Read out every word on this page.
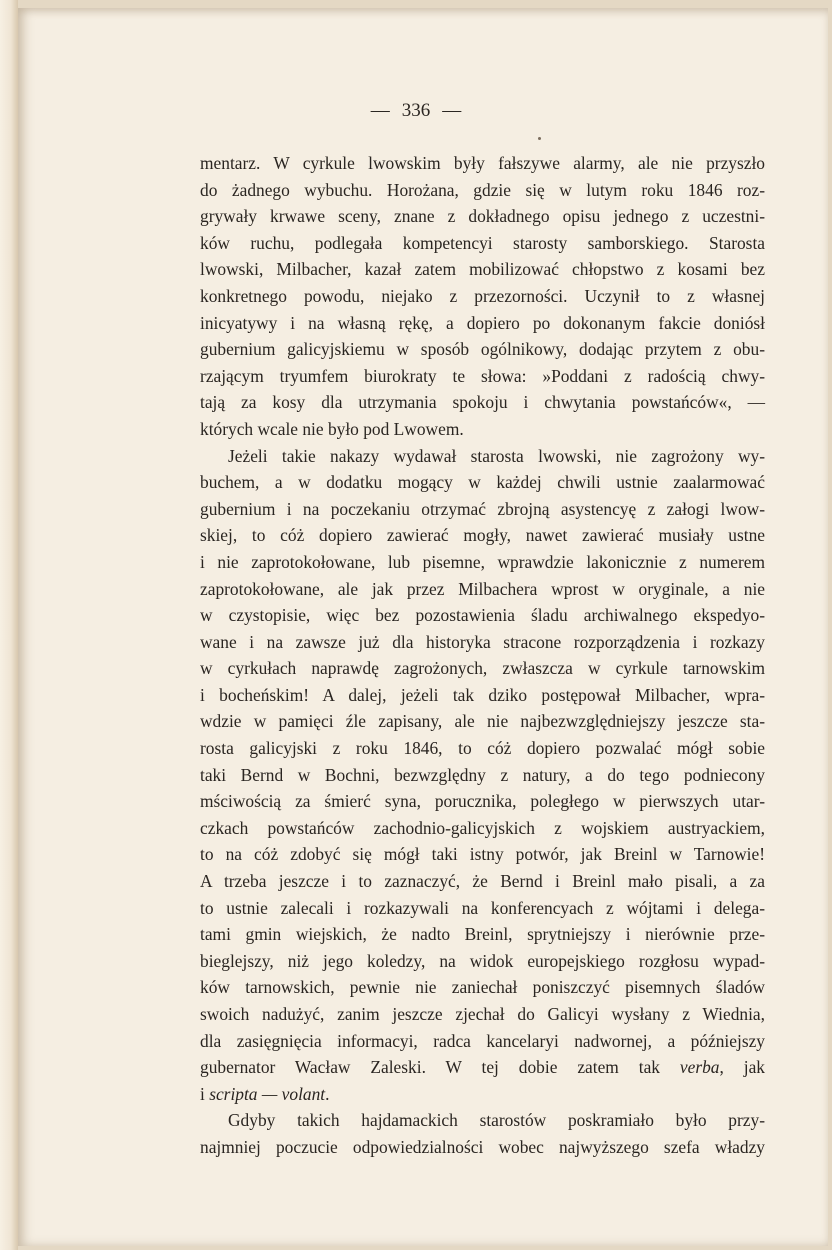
— 336 —
mentarz. W cyrkule lwowskim były fałszywe alarmy, ale nie przyszło
do żadnego wybuchu. Horożana, gdzie się w lutym roku 1846 roz-
grywały krwawe sceny, znane z dokładnego opisu jednego z uczestni-
ków ruchu, podlegała kompetencyi starosty samborskiego. Starosta
lwowski, Milbacher, kazał zatem mobilizować chłopstwo z kosami bez
konkretnego powodu, niejako z przezorności. Uczynił to z własnej
inicyatywy i na własną rękę, a dopiero po dokonanym fakcie doniósł
gubernium galicyjskiemu w sposób ogólnikowy, dodając przytem z obu-
rzającym tryumfem biurokraty te słowa: »Poddani z radością chwy-
tają za kosy dla utrzymania spokoju i chwytania powstańców«, —
których wcale nie było pod Lwowem.
Jeżeli takie nakazy wydawał starosta lwowski, nie zagrożony wy-
buchem, a w dodatku mogący w każdej chwili ustnie zaalarmować
gubernium i na poczekaniu otrzymać zbrojną asystencyę z załogi lwow-
skiej, to cóż dopiero zawierać mogły, nawet zawierać musiały ustne
i nie zaprotokołowane, lub pisemne, wprawdzie lakonicznie z numerem
zaprotokołowane, ale jak przez Milbachera wprost w oryginale, a nie
w czystopisie, więc bez pozostawienia śladu archiwalnego ekspedyo-
wane i na zawsze już dla historyka stracone rozporządzenia i rozkazy
w cyrkułach naprawdę zagrożonych, zwłaszcza w cyrkule tarnowskim
i bocheńskim! A dalej, jeżeli tak dziko postępował Milbacher, wpra-
wdzie w pamięci źle zapisany, ale nie najbezwzględniejszy jeszcze sta-
rosta galicyjski z roku 1846, to cóż dopiero pozwalać mógł sobie
taki Bernd w Bochni, bezwzględny z natury, a do tego podniecony
mściwością za śmierć syna, porucznika, poległego w pierwszych utar-
czkach powstańców zachodnio-galicyjskich z wojskiem austryackiem,
to na cóż zdobyć się mógł taki istny potwór, jak Breinl w Tarnowie!
A trzeba jeszcze i to zaznaczyć, że Bernd i Breinl mało pisali, a za
to ustnie zalecali i rozkazywali na konferencyach z wójtami i delega-
tami gmin wiejskich, że nadto Breinl, sprytniejszy i nierównie prze-
bieglejszy, niż jego koledzy, na widok europejskiego rozgłosu wypad-
ków tarnowskich, pewnie nie zaniechał poniszczyć pisemnych śladów
swoich nadużyć, zanim jeszcze zjechał do Galicyi wysłany z Wiednia,
dla zasięgnięcia informacyi, radca kancelaryi nadwornej, a późniejszy
gubernator Wacław Zaleski. W tej dobie zatem tak verba, jak
i scripta — volant.
Gdyby takich hajdamackich starostów poskramiało było przy-
najmniej poczucie odpowiedzialności wobec najwyższego szefa władzy
